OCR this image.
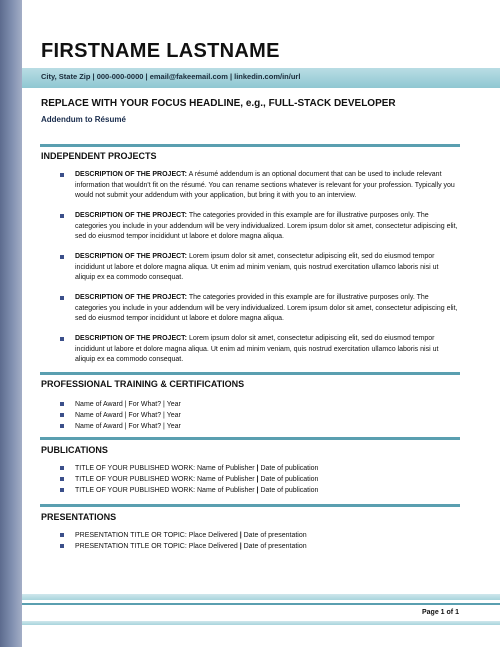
FIRSTNAME LASTNAME
City, State Zip | 000-000-0000 | email@fakeemail.com | linkedin.com/in/url
REPLACE WITH YOUR FOCUS HEADLINE, e.g., FULL-STACK DEVELOPER
Addendum to Résumé
INDEPENDENT PROJECTS
DESCRIPTION OF THE PROJECT: A résumé addendum is an optional document that can be used to include relevant information that wouldn't fit on the résumé. You can rename sections whatever is relevant for your profession. Typically you would not submit your addendum with your application, but bring it with you to an interview.
DESCRIPTION OF THE PROJECT: The categories provided in this example are for illustrative purposes only. The categories you include in your addendum will be very individualized. Lorem ipsum dolor sit amet, consectetur adipiscing elit, sed do eiusmod tempor incididunt ut labore et dolore magna aliqua.
DESCRIPTION OF THE PROJECT: Lorem ipsum dolor sit amet, consectetur adipiscing elit, sed do eiusmod tempor incididunt ut labore et dolore magna aliqua. Ut enim ad minim veniam, quis nostrud exercitation ullamco laboris nisi ut aliquip ex ea commodo consequat.
DESCRIPTION OF THE PROJECT: The categories provided in this example are for illustrative purposes only. The categories you include in your addendum will be very individualized. Lorem ipsum dolor sit amet, consectetur adipiscing elit, sed do eiusmod tempor incididunt ut labore et dolore magna aliqua.
DESCRIPTION OF THE PROJECT: Lorem ipsum dolor sit amet, consectetur adipiscing elit, sed do eiusmod tempor incididunt ut labore et dolore magna aliqua. Ut enim ad minim veniam, quis nostrud exercitation ullamco laboris nisi ut aliquip ex ea commodo consequat.
PROFESSIONAL TRAINING & CERTIFICATIONS
Name of Award | For What? | Year
Name of Award | For What? | Year
Name of Award | For What? | Year
PUBLICATIONS
TITLE OF YOUR PUBLISHED WORK: Name of Publisher | Date of publication
TITLE OF YOUR PUBLISHED WORK: Name of Publisher | Date of publication
TITLE OF YOUR PUBLISHED WORK: Name of Publisher | Date of publication
PRESENTATIONS
PRESENTATION TITLE OR TOPIC: Place Delivered | Date of presentation
PRESENTATION TITLE OR TOPIC: Place Delivered | Date of presentation
Page 1 of 1
